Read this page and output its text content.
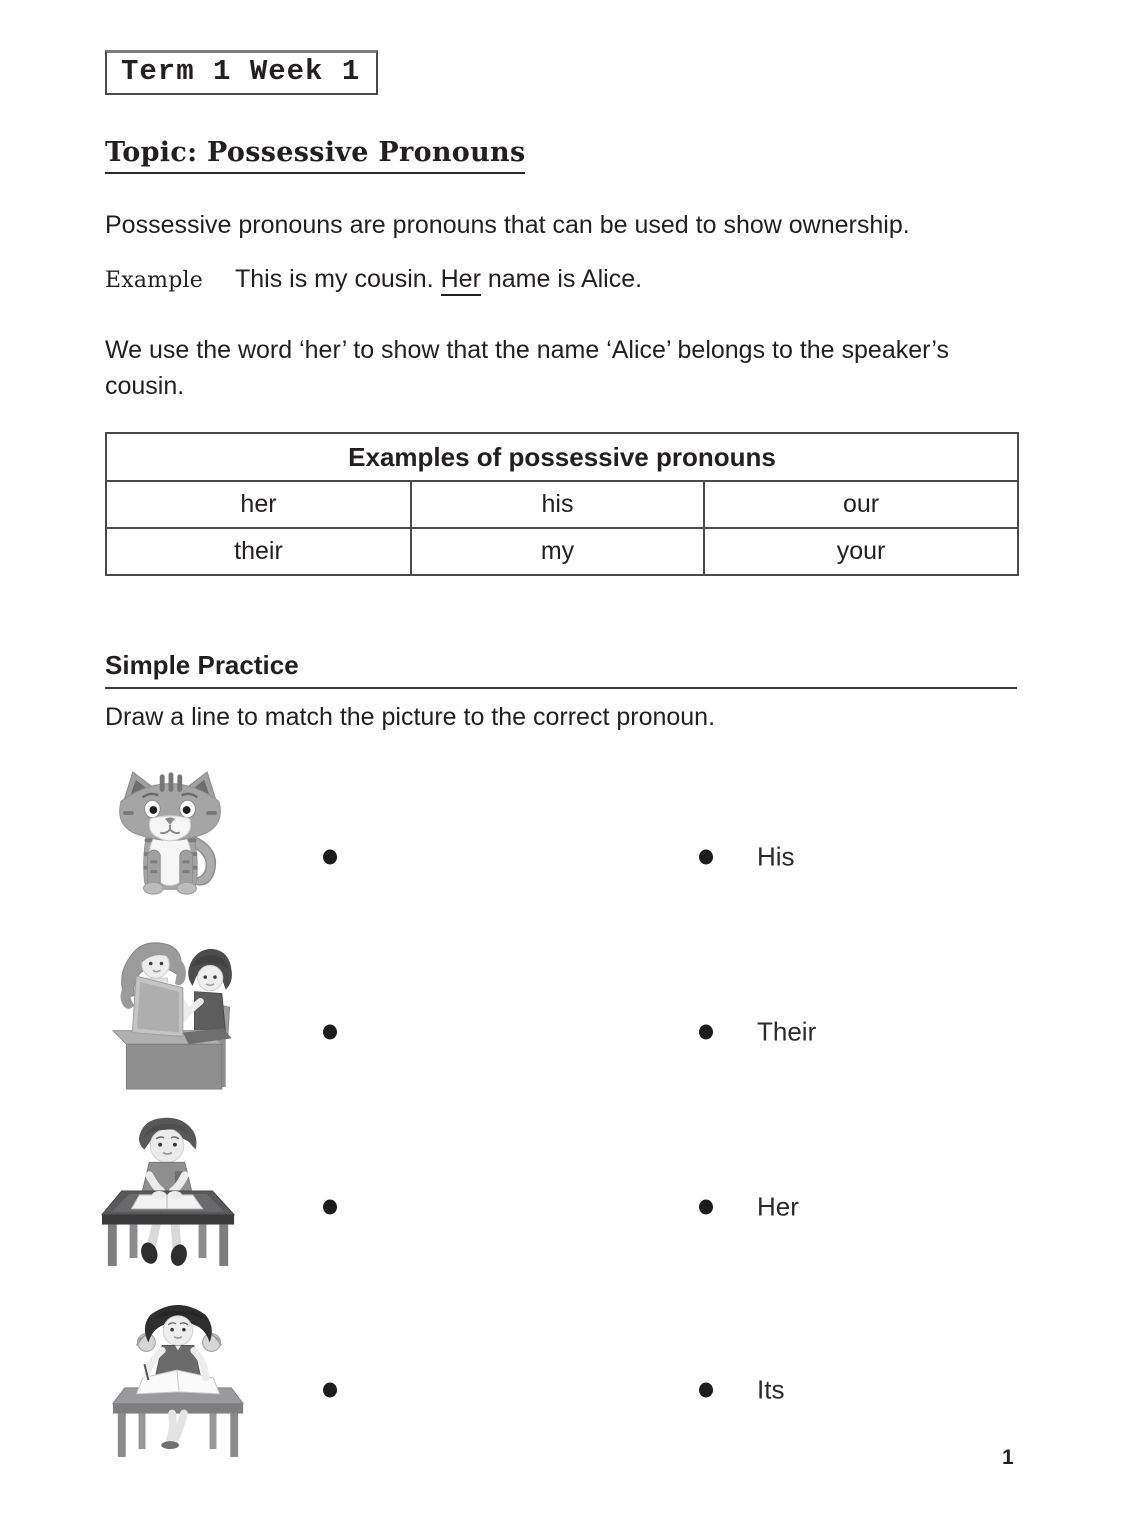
Term 1 Week 1
Topic: Possessive Pronouns

Possessive pronouns are pronouns that can be used to show ownership.

Example	This is my cousin. Her name is Alice.

We use the word ‘her’ to show that the name ‘Alice’ belongs to the speaker’s cousin.

Examples of possessive pronouns		
her	his	our
their	my	your
Simple Practice

Draw a line to match the picture to the correct pronoun.

His
Their
Her
Its
1
